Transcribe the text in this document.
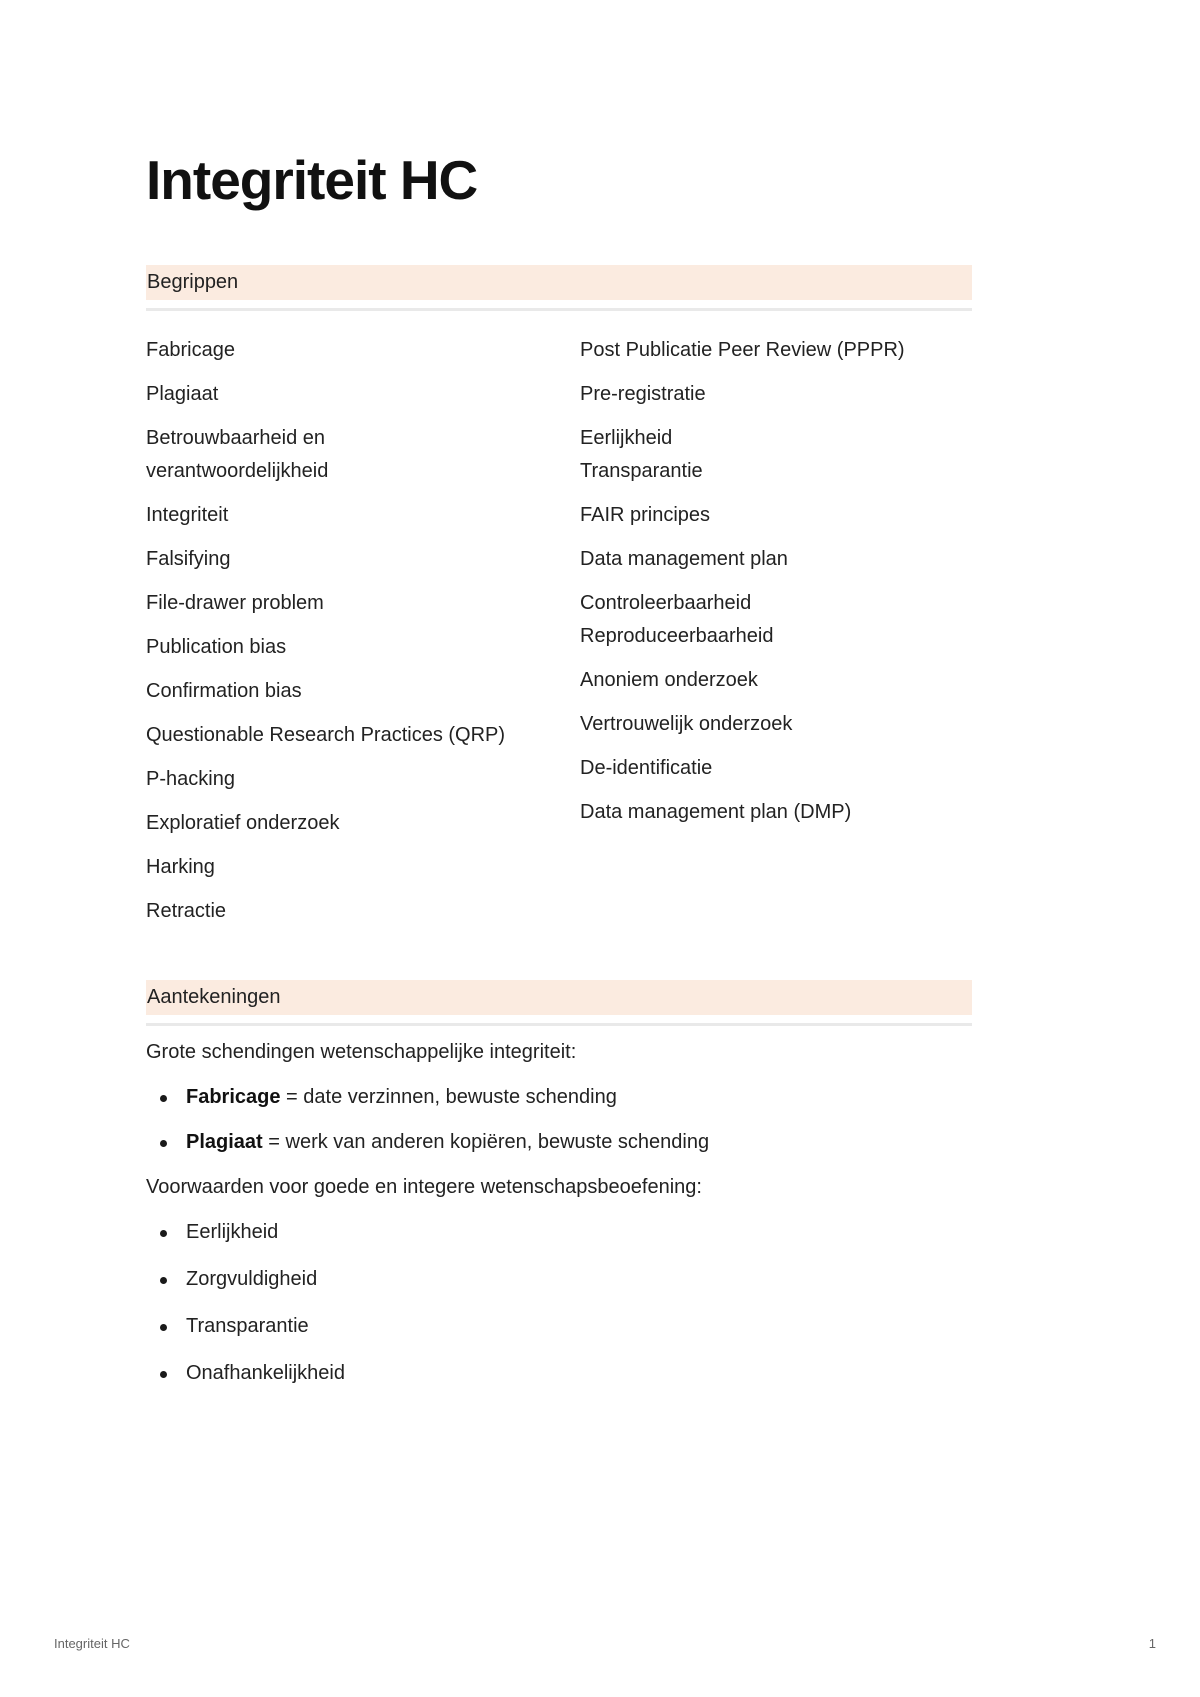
Integriteit HC
Begrippen

Fabricage

Plagiaat

Betrouwbaarheid en verantwoordelijkheid

Integriteit

Falsifying

File-drawer problem

Publication bias

Confirmation bias

Questionable Research Practices (QRP)

P-hacking

Exploratief onderzoek

Harking

Retractie

Post Publicatie Peer Review (PPPR)

Pre-registratie

Eerlijkheid
Transparantie

FAIR principes

Data management plan

Controleerbaarheid
Reproduceerbaarheid

Anoniem onderzoek

Vertrouwelijk onderzoek

De-identificatie

Data management plan (DMP)

Aantekeningen

Grote schendingen wetenschappelijke integriteit:

Fabricage = date verzinnen, bewuste schending
Plagiaat = werk van anderen kopiëren, bewuste schending

Voorwaarden voor goede en integere wetenschapsbeoefening:

Eerlijkheid
Zorgvuldigheid
Transparantie
Onafhankelijkheid
Integriteit HC	1
